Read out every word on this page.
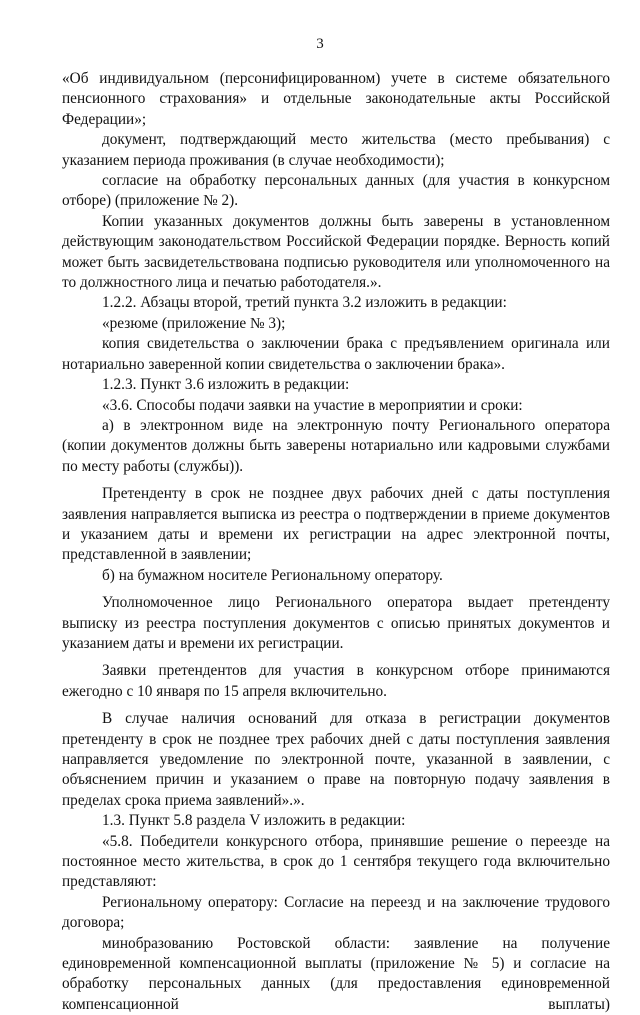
3

«Об индивидуальном (персонифицированном) учете в системе обязательного пенсионного страхования» и отдельные законодательные акты Российской Федерации»;

документ, подтверждающий место жительства (место пребывания) с указанием периода проживания (в случае необходимости);

согласие на обработку персональных данных (для участия в конкурсном отборе) (приложение № 2).

Копии указанных документов должны быть заверены в установленном действующим законодательством Российской Федерации порядке. Верность копий может быть засвидетельствована подписью руководителя или уполномоченного на то должностного лица и печатью работодателя.».

1.2.2. Абзацы второй, третий пункта 3.2 изложить в редакции:

«резюме (приложение № 3);

копия свидетельства о заключении брака с предъявлением оригинала или нотариально заверенной копии свидетельства о заключении брака».

1.2.3. Пункт 3.6 изложить в редакции:

«3.6. Способы подачи заявки на участие в мероприятии и сроки:

а) в электронном виде на электронную почту Регионального оператора (копии документов должны быть заверены нотариально или кадровыми службами по месту работы (службы)).

Претендентy в срок не позднее двух рабочих дней с даты поступления заявления направляется выписка из реестра о подтверждении в приеме документов и указанием даты и времени их регистрации на адрес электронной почты, представленной в заявлении;

б) на бумажном носителе Региональному оператору.

Уполномоченное лицо Регионального оператора выдает претенденту выписку из реестра поступления документов с описью принятых документов и указанием даты и времени их регистрации.

Заявки претендентов для участия в конкурсном отборе принимаются ежегодно с 10 января по 15 апреля включительно.

В случае наличия оснований для отказа в регистрации документов претенденту в срок не позднее трех рабочих дней с даты поступления заявления направляется уведомление по электронной почте, указанной в заявлении, с объяснением причин и указанием о праве на повторную подачу заявления в пределах срока приема заявлений».».

1.3. Пункт 5.8 раздела V изложить в редакции:

«5.8. Победители конкурсного отбора, принявшие решение о переезде на постоянное место жительства, в срок до 1 сентября текущего года включительно представляют:

Региональному оператору: Согласие на переезд и на заключение трудового договора;

минобразованию Ростовской области: заявление на получение единовременной компенсационной выплаты (приложение № 5) и согласие на обработку персональных данных (для предоставления единовременной компенсационной выплаты)
